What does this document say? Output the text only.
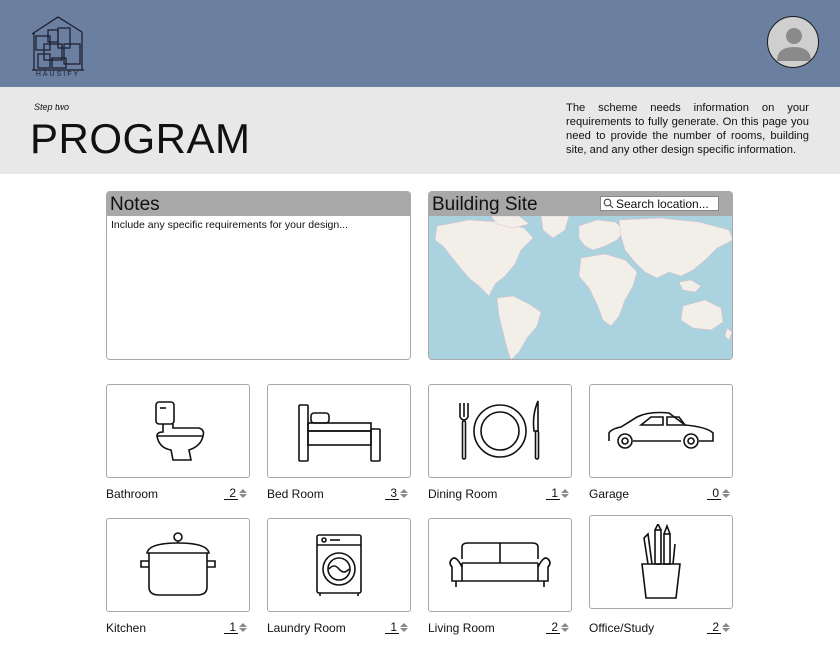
HAUSIFY
Step two
PROGRAM
The scheme needs information on your requirements to fully generate. On this page you need to provide the number of rooms, building site, and any other design specific information.
Notes
Include any specific requirements for your design...	Building Site
Search location...
Bathroom	2	Bed Room	3	Dining Room	1	Garage	0
Kitchen	1	Laundry Room	1	Living Room	2	Office/Study	2
